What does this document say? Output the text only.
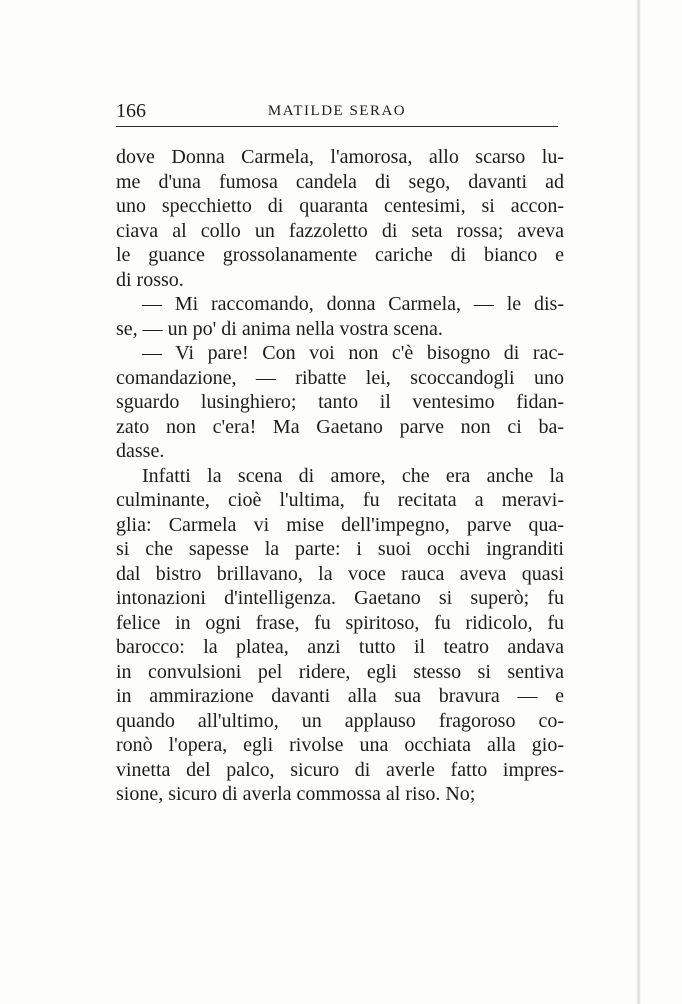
166	MATILDE SERAO

dove Donna Carmela, l'amorosa, allo scarso lu-

me d'una fumosa candela di sego, davanti ad

uno specchietto di quaranta centesimi, si accon-

ciava al collo un fazzoletto di seta rossa; aveva

le guance grossolanamente cariche di bianco e

di rosso.

— Mi raccomando, donna Carmela, — le dis-

se, — un po' di anima nella vostra scena.

— Vi pare! Con voi non c'è bisogno di rac-

comandazione, — ribatte lei, scoccandogli uno

sguardo lusinghiero; tanto il ventesimo fidan-

zato non c'era! Ma Gaetano parve non ci ba-

dasse.

Infatti la scena di amore, che era anche la

culminante, cioè l'ultima, fu recitata a meravi-

glia: Carmela vi mise dell'impegno, parve qua-

si che sapesse la parte: i suoi occhi ingranditi

dal bistro brillavano, la voce rauca aveva quasi

intonazioni d'intelligenza. Gaetano si superò; fu

felice in ogni frase, fu spiritoso, fu ridicolo, fu

barocco: la platea, anzi tutto il teatro andava

in convulsioni pel ridere, egli stesso si sentiva

in ammirazione davanti alla sua bravura — e

quando all'ultimo, un applauso fragoroso co-

ronò l'opera, egli rivolse una occhiata alla gio-

vinetta del palco, sicuro di averle fatto impres-

sione, sicuro di averla commossa al riso. No;
